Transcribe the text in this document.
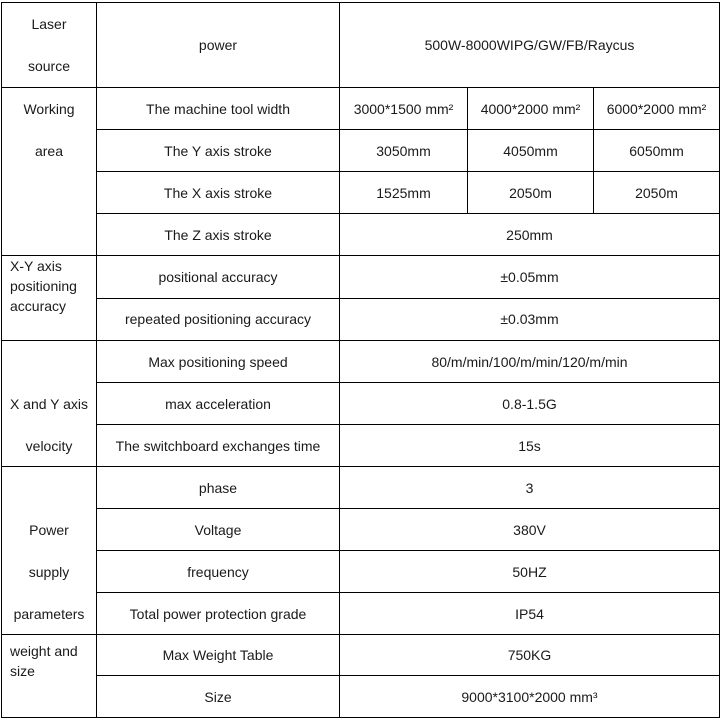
Laser
source	power	500W-8000WIPG/GW/FB/Raycus		

Working
area	The machine tool width	3000*1500 mm²	4000*2000 mm²	6000*2000 mm²
	The Y axis stroke	3050mm	4050mm	6050mm
	The X axis stroke	1525mm	2050m	2050m
	The Z axis stroke	250mm		

X-Y axis
positioning
accuracy	positional accuracy	±0.05mm		
	repeated positioning accuracy	±0.03mm		

X and Y axis
velocity	Max positioning speed	80/m/min/100/m/min/120/m/min		
	max acceleration	0.8-1.5G		
	The switchboard exchanges time	15s		

Power
supply
parameters	phase	3		
	Voltage	380V		
	frequency	50HZ		
	Total power protection grade	IP54		

weight and
size	Max Weight Table	750KG		
	Size	9000*3100*2000 mm³		
